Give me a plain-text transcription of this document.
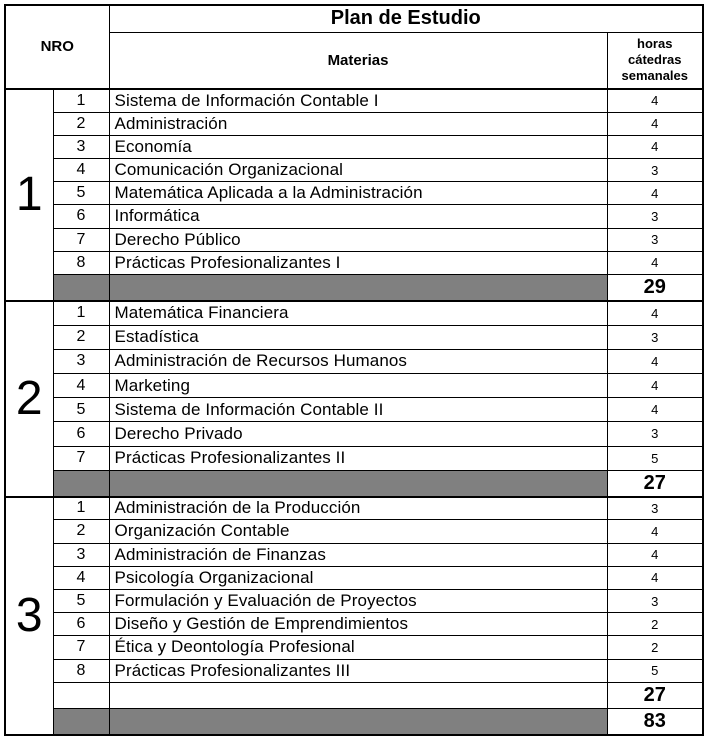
NRO		Plan de Estudio	
		Materias	horas
cátedras
semanales

1	1	Sistema de Información Contable I	4
	2	Administración	4
	3	Economía	4
	4	Comunicación Organizacional	3
	5	Matemática Aplicada a la Administración	4
	6	Informática	3
	7	Derecho Público	3
	8	Prácticas Profesionalizantes I	4
			29
2	1	Matemática Financiera	4
	2	Estadística	3
	3	Administración de Recursos Humanos	4
	4	Marketing	4
	5	Sistema de Información Contable II	4
	6	Derecho Privado	3
	7	Prácticas Profesionalizantes II	5
			27
3	1	Administración de la Producción	3
	2	Organización Contable	4
	3	Administración de Finanzas	4
	4	Psicología Organizacional	4
	5	Formulación y Evaluación de Proyectos	3
	6	Diseño y Gestión de Emprendimientos	2
	7	Ética y Deontología Profesional	2
	8	Prácticas Profesionalizantes III	5
			27
			83
